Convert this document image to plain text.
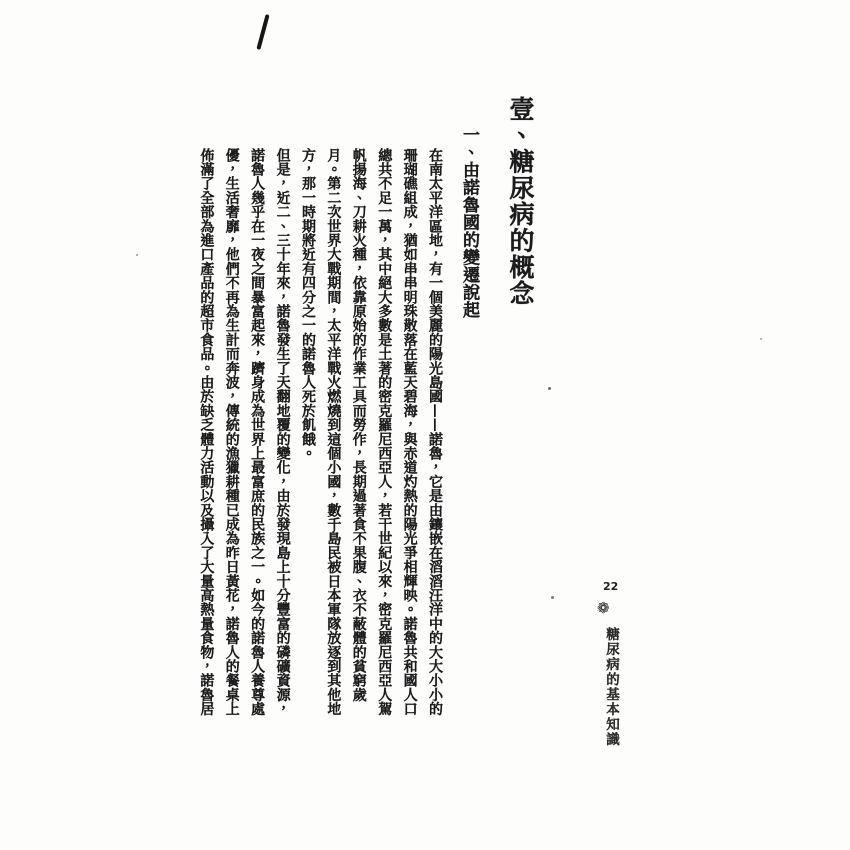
壹、糖尿病的概念
一、由諾魯國的變遷說起

在南太平洋區地，有一個美麗的陽光島國——諾魯，它是由鑲嵌在滔滔汪洋中的大大小小的珊瑚礁組成，猶如串串明珠散落在藍天碧海，與赤道灼熱的陽光爭相輝映。諾魯共和國人口總共不足一萬，其中絕大多數是土著的密克羅尼西亞人，若干世紀以來，密克羅尼西亞人駕帆揚海、刀耕火種，依靠原始的作業工具而勞作，長期過著食不果腹、衣不蔽體的貧窮歲月。第二次世界大戰期間，太平洋戰火燃燒到這個小國，數千島民被日本軍隊放逐到其他地方，那一時期將近有四分之一的諾魯人死於飢餓。

但是，近二、三十年來，諾魯發生了天翻地覆的變化，由於發現島上十分豐富的磷礦資源，諾魯人幾乎在一夜之間暴富起來，躋身成為世界上最富庶的民族之一。如今的諾魯人養尊處優，生活奢靡，他們不再為生計而奔波，傳統的漁獵耕種已成為昨日黃花，諾魯人的餐桌上佈滿了全部為進口產品的超市食品。由於缺乏體力活動以及攝入了大量高熱量食物，諾魯居	22
❁
糖尿病的基本知識
